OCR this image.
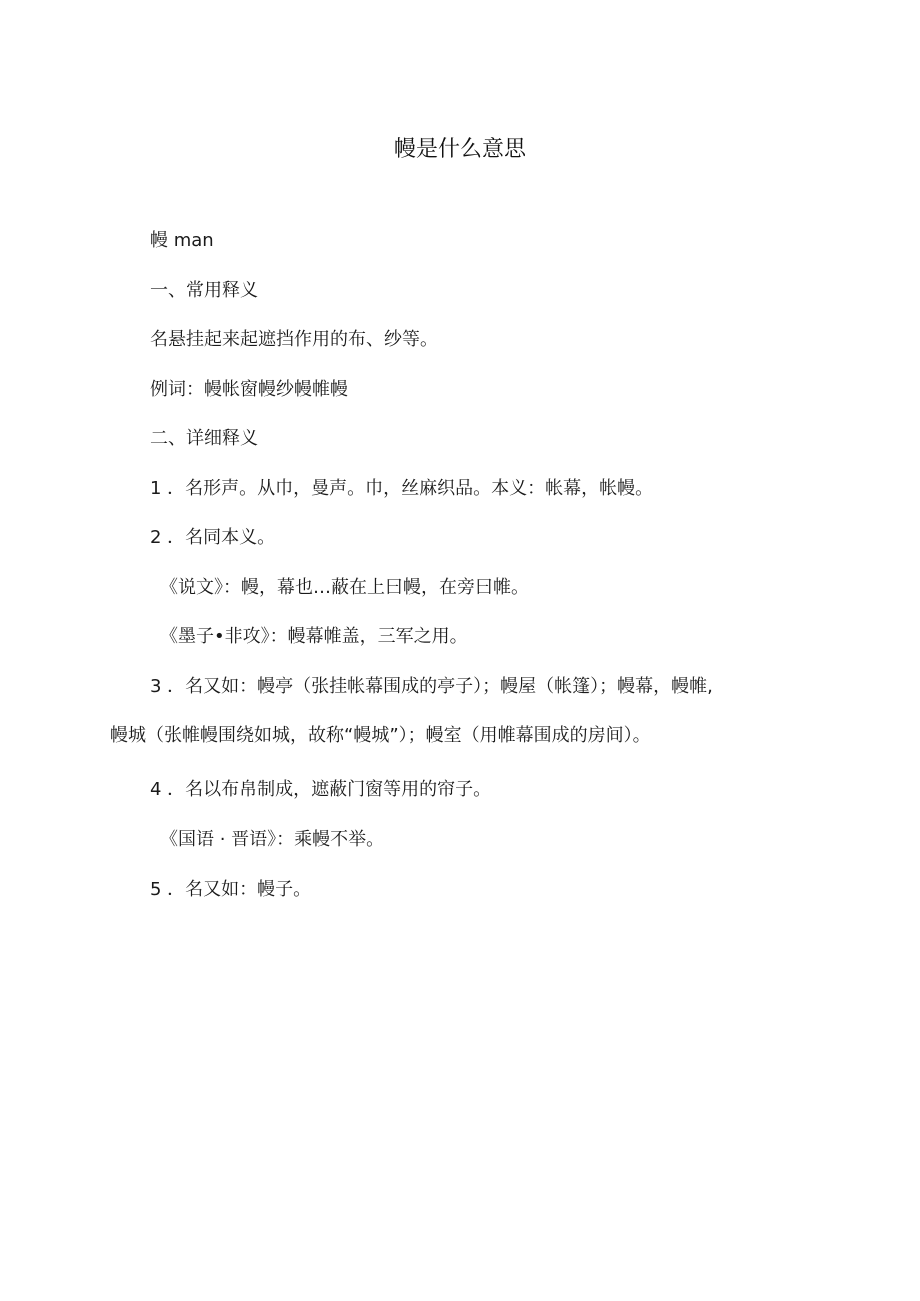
幔是什么意思
幔 man
一、常用释义
名悬挂起来起遮挡作用的布、纱等。
例词：幔帐窗幔纱幔帷幔
二、详细释义
1 ．名形声。从巾，曼声。巾，丝麻织品。本义：帐幕，帐幔。
2 ．名同本义。
《说文》：幔，幕也…蔽在上曰幔，在旁曰帷。
《墨子•非攻》：幔幕帷盖，三军之用。
3 ．名又如：幔亭（张挂帐幕围成的亭子）；幔屋（帐篷）；幔幕，幔帷,
幔城（张帷幔围绕如城，故称“幔城”）；幔室（用帷幕围成的房间）。
4 ．名以布帛制成，遮蔽门窗等用的帘子。
《国语 · 晋语》：乘幔不举。
5 ．名又如：幔子。
